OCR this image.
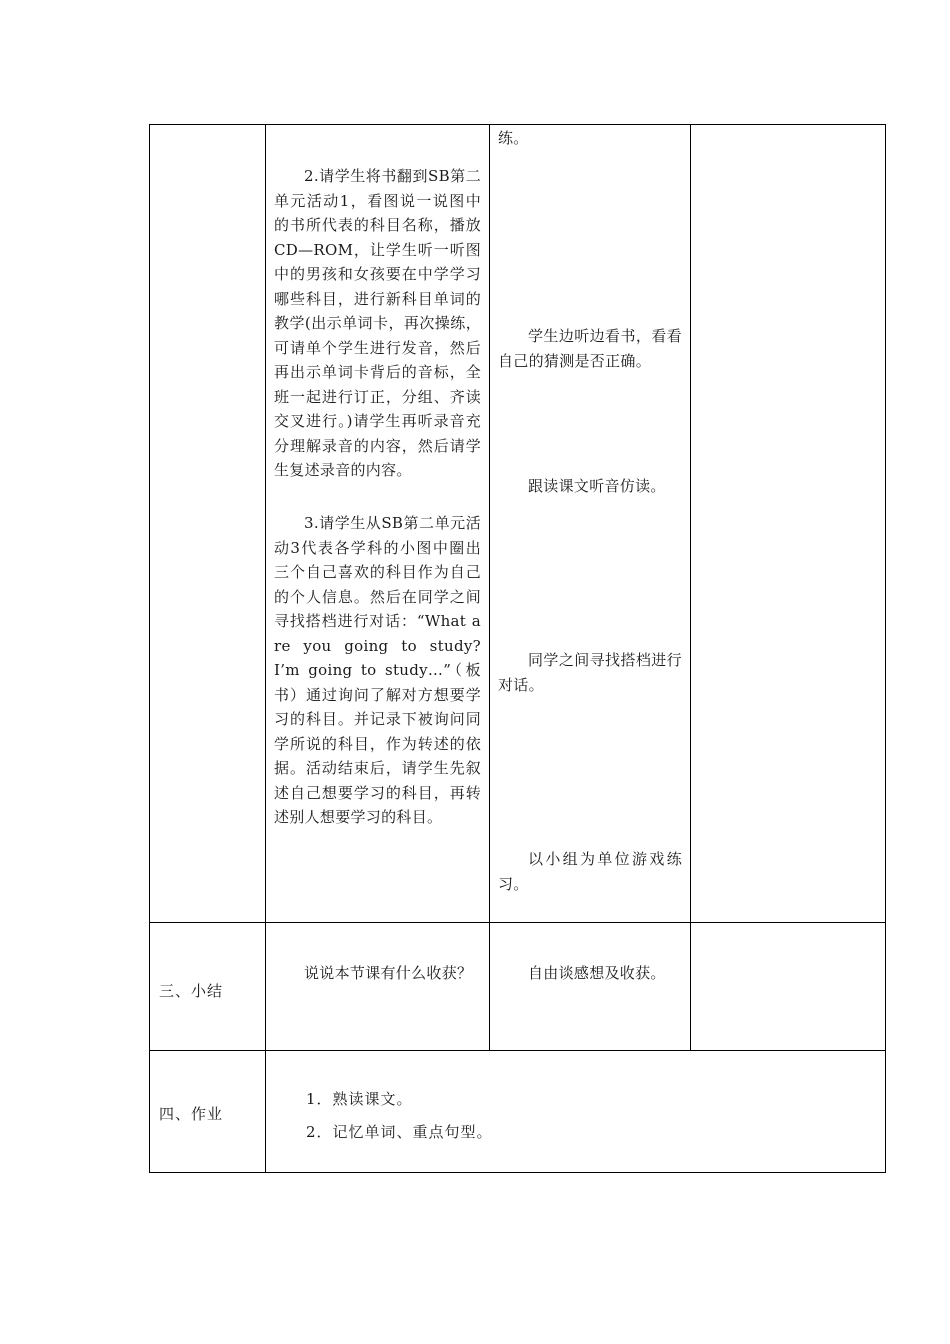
2.请学生将书翻到SB第二单元活动1，看图说一说图中的书所代表的科目名称，播放CD—ROM，让学生听一听图中的男孩和女孩要在中学学习哪些科目，进行新科目单词的教学(出示单词卡，再次操练，可请单个学生进行发音，然后再出示单词卡背后的音标，全班一起进行订正，分组、齐读交叉进行。)请学生再听录音充分理解录音的内容，然后请学生复述录音的内容。
3.请学生从SB第二单元活动3代表各学科的小图中圈出三个自己喜欢的科目作为自己的个人信息。然后在同学之间寻找搭档进行对话：“What are you going to study? I’m going to study…”（板书）通过询问了解对方想要学习的科目。并记录下被询问同学所说的科目，作为转述的依据。活动结束后，请学生先叙述自己想要学习的科目，再转述别人想要学习的科目。
练。
学生边听边看书，看看自己的猜测是否正确。
跟读课文听音仿读。
同学之间寻找搭档进行对话。
以小组为单位游戏练习。
三、小结
说说本节课有什么收获？	自由谈感想及收获。
四、作业
1．熟读课文。
2．记忆单词、重点句型。
